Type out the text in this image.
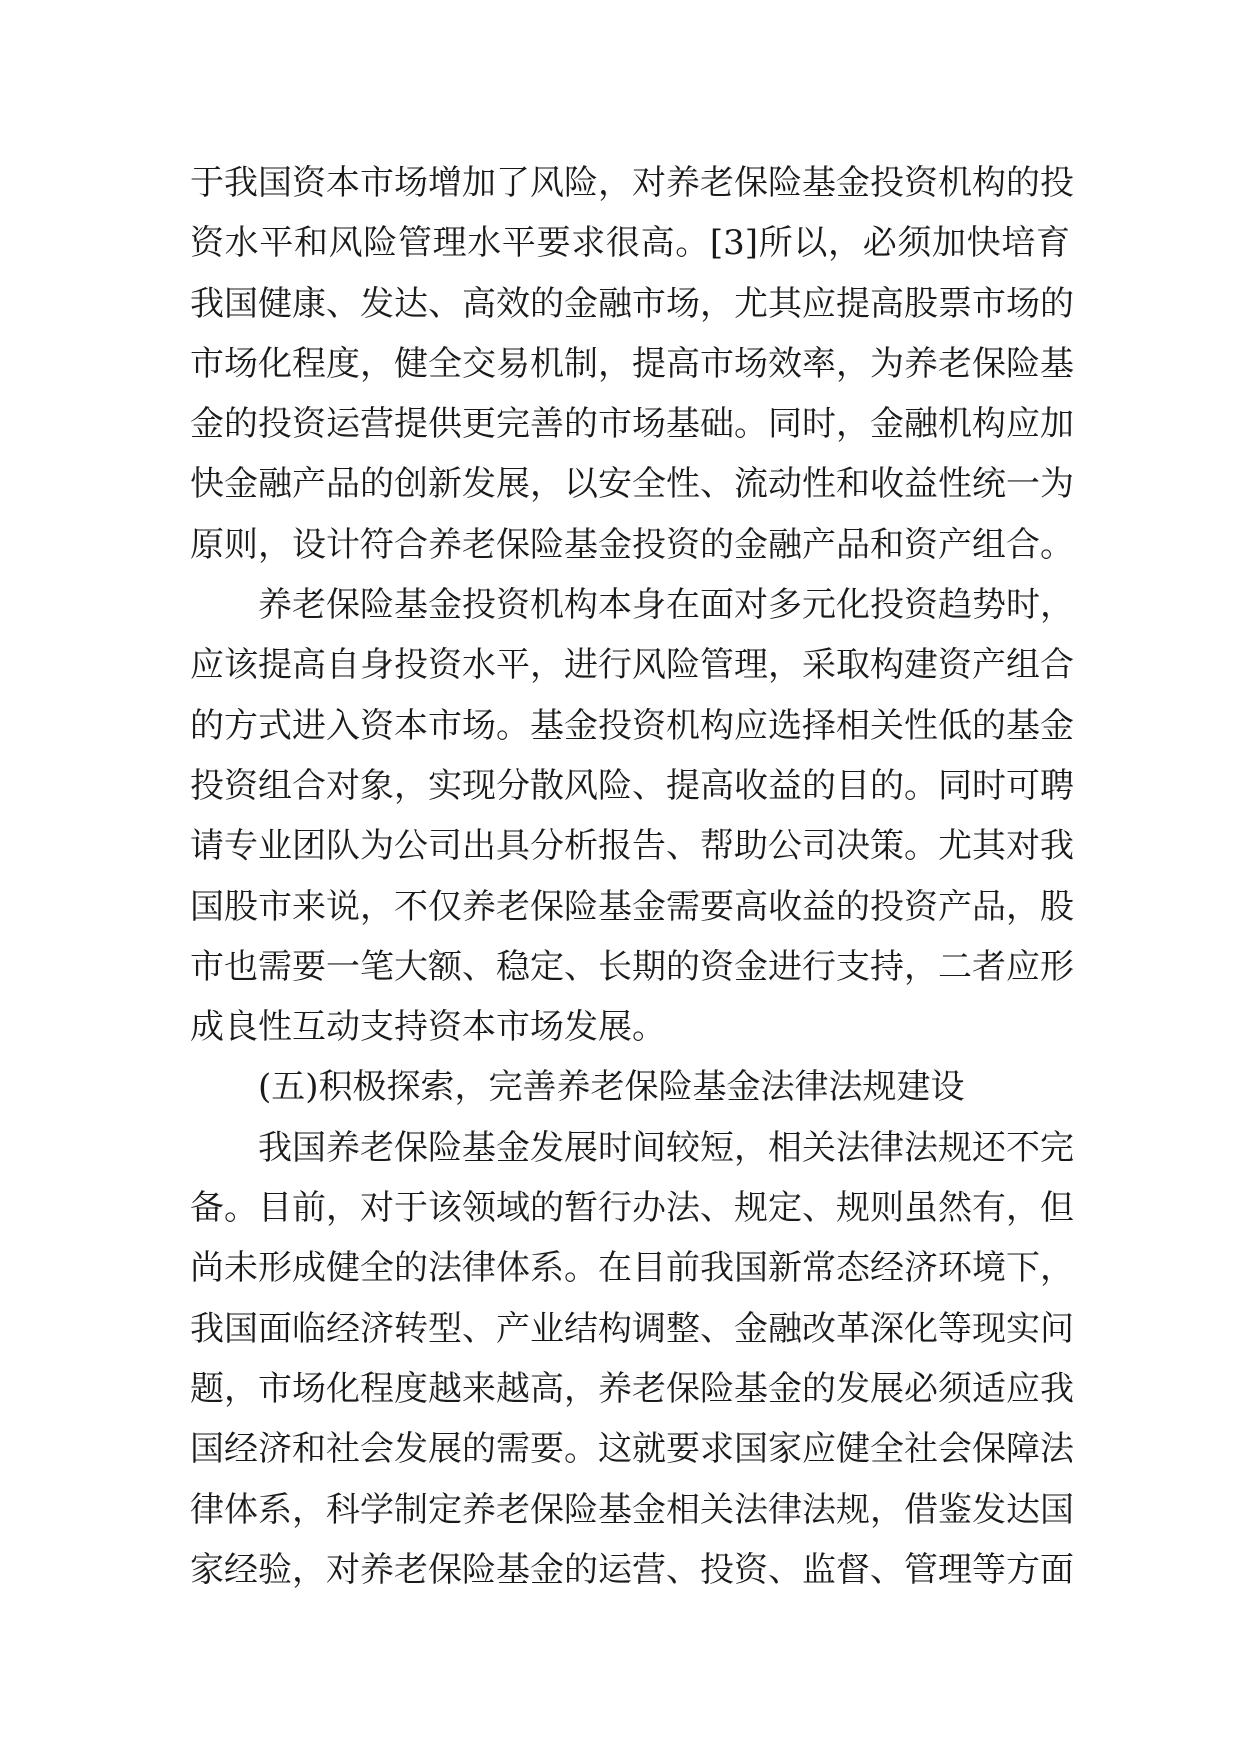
于我国资本市场增加了风险，对养老保险基金投资机构的投
资水平和风险管理水平要求很高。[3]所以，必须加快培育
我国健康、发达、高效的金融市场，尤其应提高股票市场的
市场化程度，健全交易机制，提高市场效率，为养老保险基
金的投资运营提供更完善的市场基础。同时，金融机构应加
快金融产品的创新发展，以安全性、流动性和收益性统一为
原则，设计符合养老保险基金投资的金融产品和资产组合。
养老保险基金投资机构本身在面对多元化投资趋势时，
应该提高自身投资水平，进行风险管理，采取构建资产组合
的方式进入资本市场。基金投资机构应选择相关性低的基金
投资组合对象，实现分散风险、提高收益的目的。同时可聘
请专业团队为公司出具分析报告、帮助公司决策。尤其对我
国股市来说，不仅养老保险基金需要高收益的投资产品，股
市也需要一笔大额、稳定、长期的资金进行支持，二者应形
成良性互动支持资本市场发展。
(五)积极探索，完善养老保险基金法律法规建设
我国养老保险基金发展时间较短，相关法律法规还不完
备。目前，对于该领域的暂行办法、规定、规则虽然有，但
尚未形成健全的法律体系。在目前我国新常态经济环境下，
我国面临经济转型、产业结构调整、金融改革深化等现实问
题，市场化程度越来越高，养老保险基金的发展必须适应我
国经济和社会发展的需要。这就要求国家应健全社会保障法
律体系，科学制定养老保险基金相关法律法规，借鉴发达国
家经验，对养老保险基金的运营、投资、监督、管理等方面
